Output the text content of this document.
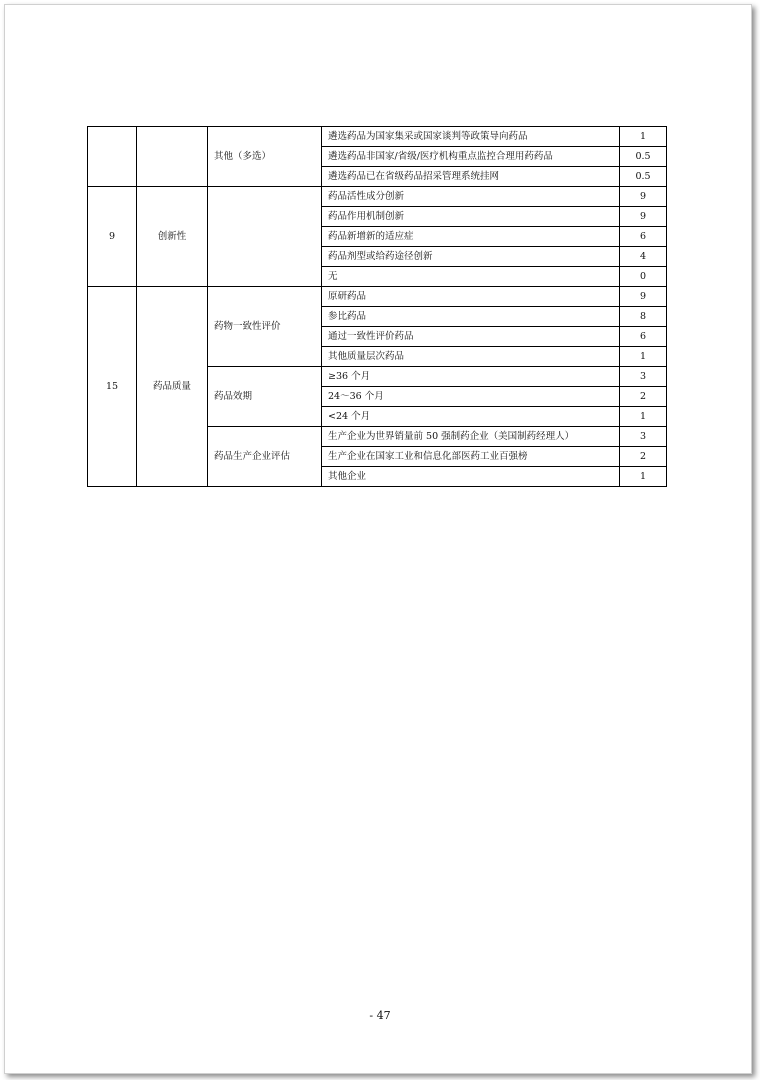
		其他（多选）	遴选药品为国家集采或国家谈判等政策导向药品	1
			遴选药品非国家/省级/医疗机构重点监控合理用药药品	0.5
			遴选药品已在省级药品招采管理系统挂网	0.5
9	创新性		药品活性成分创新	9
			药品作用机制创新	9
			药品新增新的适应症	6
			药品剂型或给药途径创新	4
			无	0
15	药品质量	药物一致性评价	原研药品	9
			参比药品	8
			通过一致性评价药品	6
			其他质量层次药品	1
		药品效期	≥36 个月	3
			24～36 个月	2
			<24 个月	1
		药品生产企业评估	生产企业为世界销量前 50 强制药企业（美国制药经理人）	3
			生产企业在国家工业和信息化部医药工业百强榜	2
			其他企业	1
- 47
